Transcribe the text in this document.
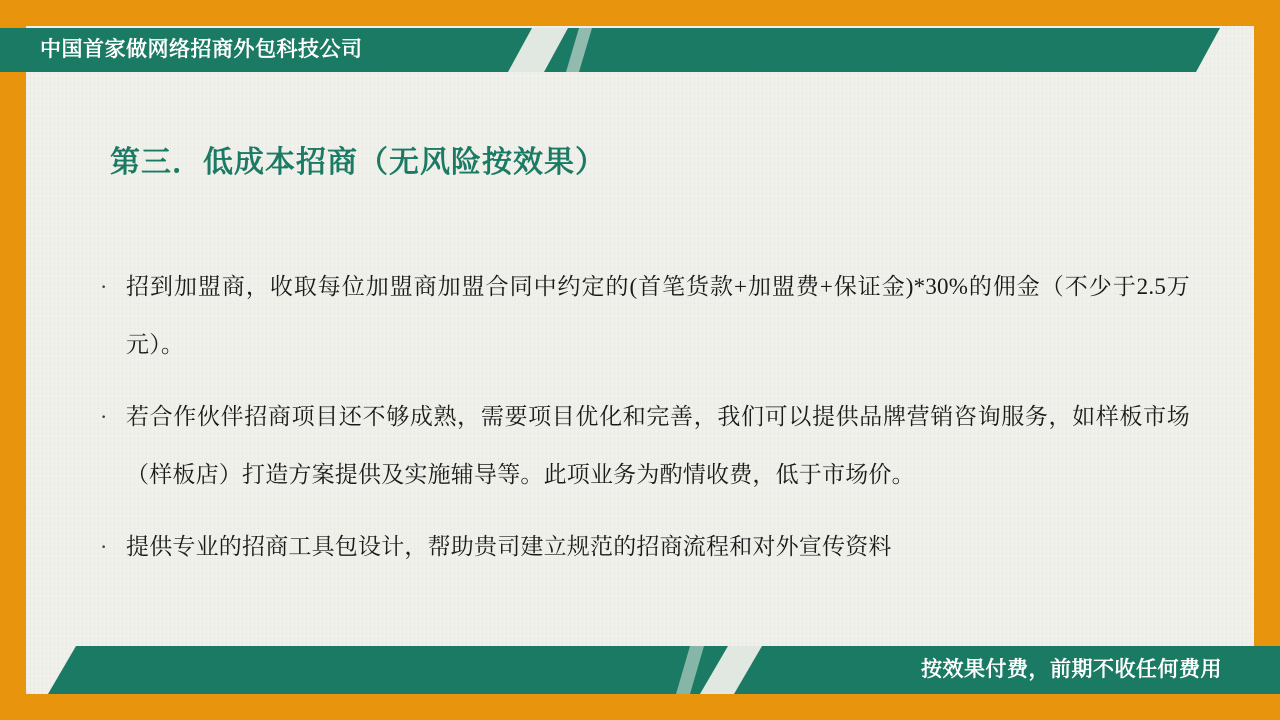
中国首家做网络招商外包科技公司
第三．低成本招商（无风险按效果）
· 招到加盟商，收取每位加盟商加盟合同中约定的(首笔货款+加盟费+保证金)*30%的佣金（不少于2.5万元）。
· 若合作伙伴招商项目还不够成熟，需要项目优化和完善，我们可以提供品牌营销咨询服务，如样板市场（样板店）打造方案提供及实施辅导等。此项业务为酌情收费，低于市场价。
· 提供专业的招商工具包设计，帮助贵司建立规范的招商流程和对外宣传资料
按效果付费，前期不收任何费用
